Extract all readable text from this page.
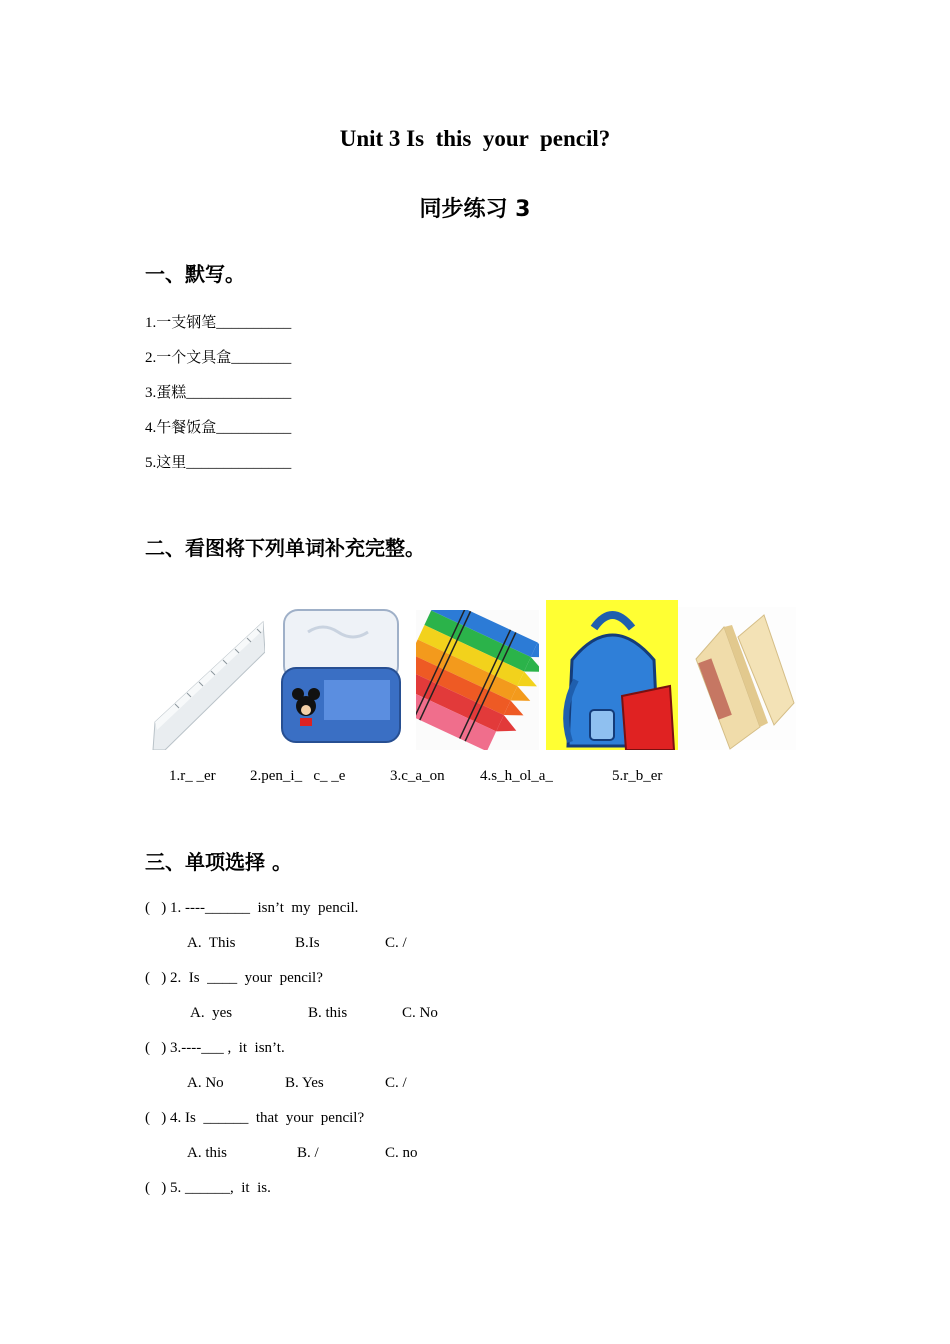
Unit 3 Is  this  your  pencil?
同步练习 3
一、默写。
1.一支钢笔__________
2.一个文具盒________
3.蛋糕______________
4.午餐饭盒__________
5.这里______________
二、看图将下列单词补充完整。
1.r_ _er 2.pen_i_   c_ _e	3.c_a_on 4.s_h_ol_a_	5.r_b_er
三、单项选择 。
(   ) 1. ----______  isn’t  my  pencil.
A.  This	B.Is	C. /
(   ) 2.  Is  ____  your  pencil?
A.  yes	B. this	C. No
(   ) 3.----___ ,  it  isn’t.
A. No	B. Yes	C. /
(   ) 4. Is  ______  that  your  pencil?
A. this	B. /	C. no
(   ) 5. ______,  it  is.
